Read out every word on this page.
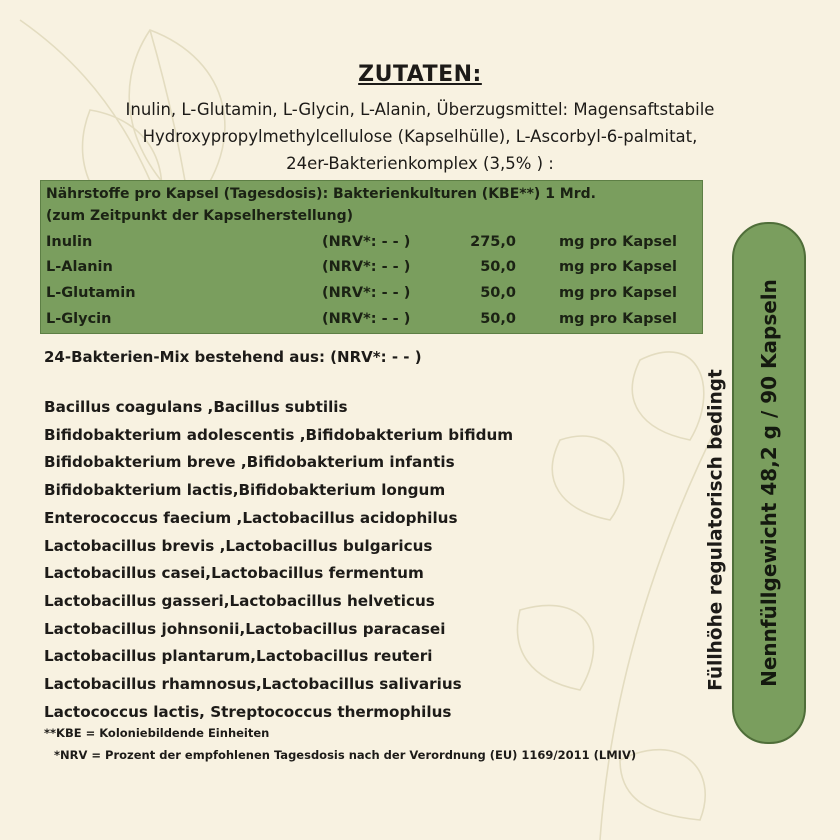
ZUTATEN:
Inulin, L-Glutamin, L-Glycin, L-Alanin, Überzugsmittel: Magensaftstabile
Hydroxypropylmethylcellulose (Kapselhülle), L-Ascorbyl-6-palmitat,
24er-Bakterienkomplex (3,5% ) :
Nährstoffe pro Kapsel (Tagesdosis): Bakterienkulturen (KBE**) 1 Mrd.
(zum Zeitpunkt der Kapselherstellung)
Inulin	(NRV*: - - )	275,0	mg pro Kapsel
L-Alanin	(NRV*: - - )	50,0	mg pro Kapsel
L-Glutamin	(NRV*: - - )	50,0	mg pro Kapsel
L-Glycin	(NRV*: - - )	50,0	mg pro Kapsel
24-Bakterien-Mix bestehend aus: (NRV*: - - )
Bacillus coagulans ,Bacillus subtilis
Bifidobakterium adolescentis ,Bifidobakterium bifidum
Bifidobakterium breve ,Bifidobakterium infantis
Bifidobakterium lactis,Bifidobakterium longum
Enterococcus faecium ,Lactobacillus acidophilus
Lactobacillus brevis ,Lactobacillus bulgaricus
Lactobacillus casei,Lactobacillus fermentum
Lactobacillus gasseri,Lactobacillus helveticus
Lactobacillus johnsonii,Lactobacillus paracasei
Lactobacillus plantarum,Lactobacillus reuteri
Lactobacillus rhamnosus,Lactobacillus salivarius
Lactococcus lactis, Streptococcus thermophilus
**KBE = Koloniebildende Einheiten
*NRV = Prozent der empfohlenen Tagesdosis nach der Verordnung (EU) 1169/2011 (LMIV)
Füllhöhe regulatorisch bedingt Nennfüllgewicht 48,2 g / 90 Kapseln
